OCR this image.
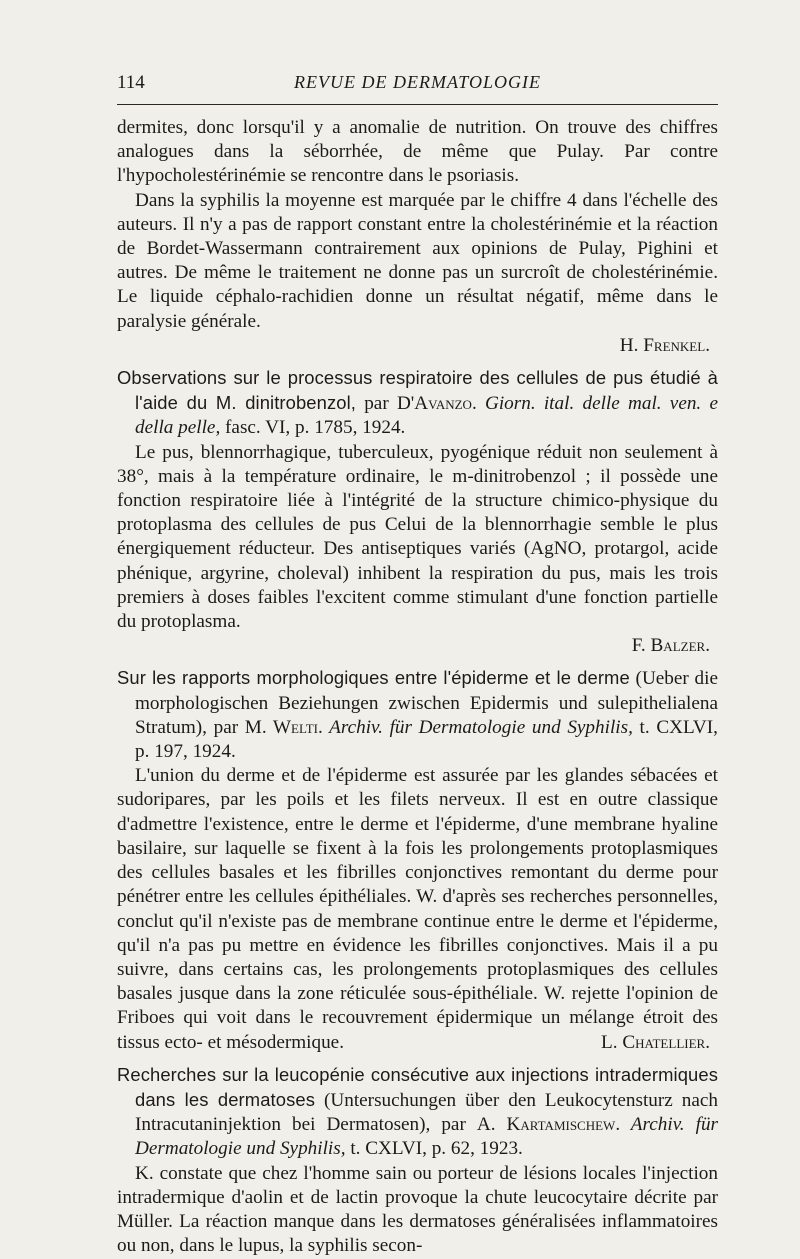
114	REVUE DE DERMATOLOGIE

dermites, donc lorsqu'il y a anomalie de nutrition. On trouve des chiffres analogues dans la séborrhée, de même que Pulay. Par contre l'hypocholestérinémie se rencontre dans le psoriasis.

Dans la syphilis la moyenne est marquée par le chiffre 4 dans l'échelle des auteurs. Il n'y a pas de rapport constant entre la cholestérinémie et la réaction de Bordet-Wassermann contrairement aux opinions de Pulay, Pighini et autres. De même le traitement ne donne pas un surcroît de cholestérinémie. Le liquide céphalo-rachidien donne un résultat négatif, même dans le paralysie générale.

H. Frenkel.

Observations sur le processus respiratoire des cellules de pus étudié à l'aide du M. dinitrobenzol, par D'Avanzo. Giorn. ital. delle mal. ven. e della pelle, fasc. VI, p. 1785, 1924.

Le pus, blennorrhagique, tuberculeux, pyogénique réduit non seulement à 38°, mais à la température ordinaire, le m-dinitrobenzol ; il possède une fonction respiratoire liée à l'intégrité de la structure chimico-physique du protoplasma des cellules de pus Celui de la blennorrhagie semble le plus énergiquement réducteur. Des antiseptiques variés (AgNO, protargol, acide phénique, argyrine, choleval) inhibent la respiration du pus, mais les trois premiers à doses faibles l'excitent comme stimulant d'une fonction partielle du protoplasma.

F. Balzer.

Sur les rapports morphologiques entre l'épiderme et le derme (Ueber die morphologischen Beziehungen zwischen Epidermis und sulepithelialena Stratum), par M. Welti. Archiv. für Dermatologie und Syphilis, t. CXLVI, p. 197, 1924.

L'union du derme et de l'épiderme est assurée par les glandes sébacées et sudoripares, par les poils et les filets nerveux. Il est en outre classique d'admettre l'existence, entre le derme et l'épiderme, d'une membrane hyaline basilaire, sur laquelle se fixent à la fois les prolongements protoplasmiques des cellules basales et les fibrilles conjonctives remontant du derme pour pénétrer entre les cellules épithéliales. W. d'après ses recherches personnelles, conclut qu'il n'existe pas de membrane continue entre le derme et l'épiderme, qu'il n'a pas pu mettre en évidence les fibrilles conjonctives. Mais il a pu suivre, dans certains cas, les prolongements protoplasmiques des cellules basales jusque dans la zone réticulée sous-épithéliale. W. rejette l'opinion de Friboes qui voit dans le recouvrement épidermique un mélange étroit des tissus ecto- et mésodermique.	L. Chatellier.

Recherches sur la leucopénie consécutive aux injections intradermiques dans les dermatoses (Untersuchungen über den Leukocytensturz nach Intracutaninjektion bei Dermatosen), par A. Kartamischew. Archiv. für Dermatologie und Syphilis, t. CXLVI, p. 62, 1923.

K. constate que chez l'homme sain ou porteur de lésions locales l'injection intradermique d'aolin et de lactin provoque la chute leucocytaire décrite par Müller. La réaction manque dans les dermatoses généralisées inflammatoires ou non, dans le lupus, la syphilis secon-
